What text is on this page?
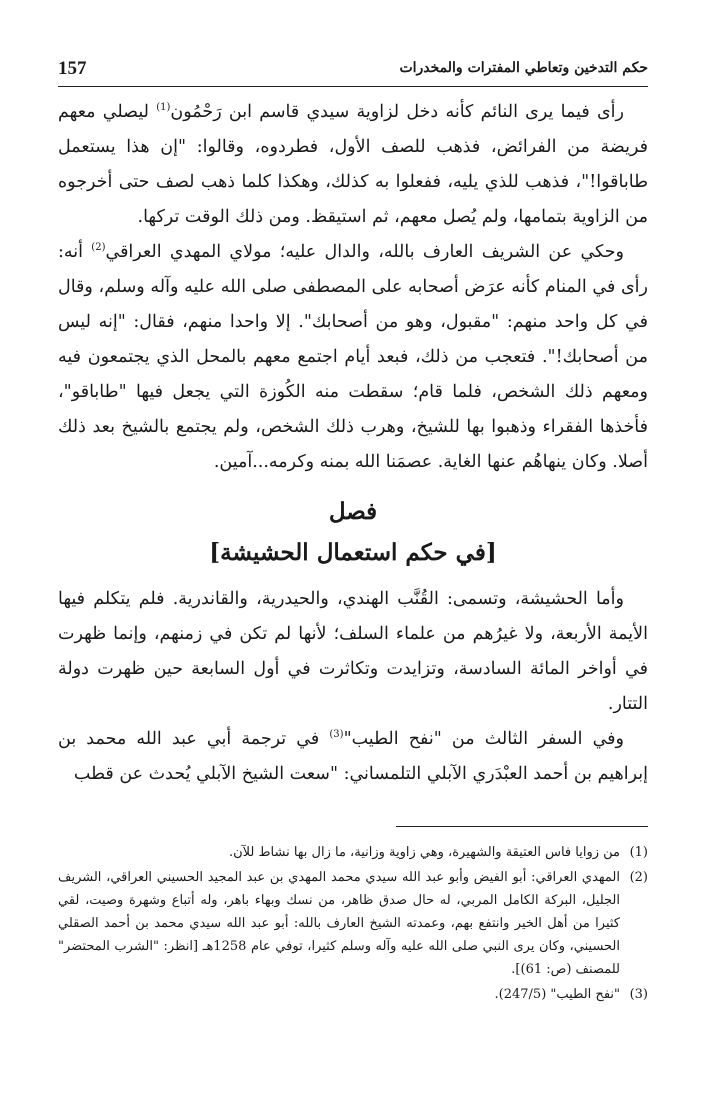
157	حكم التدخين وتعاطي المفترات والمخدرات

رأى فيما يرى النائم كأنه دخل لزاوية سيدي قاسم ابن رَحْمُون$^{(1)}$ ليصلي معهم فريضة من الفرائض، فذهب للصف الأول، فطردوه، وقالوا: "إن هذا يستعمل طاباقوا!"، فذهب للذي يليه، ففعلوا به كذلك، وهكذا كلما ذهب لصف حتى أخرجوه من الزاوية بتمامها، ولم يُصل معهم، ثم استيقظ. ومن ذلك الوقت تركها.

وحكي عن الشريف العارف بالله، والدال عليه؛ مولاي المهدي العراقي$^{(2)}$ أنه: رأى في المنام كأنه عرَض أصحابه على المصطفى صلى الله عليه وآله وسلم، وقال في كل واحد منهم: "مقبول، وهو من أصحابك". إلا واحدا منهم، فقال: "إنه ليس من أصحابك!". فتعجب من ذلك، فبعد أيام اجتمع معهم بالمحل الذي يجتمعون فيه ومعهم ذلك الشخص، فلما قام؛ سقطت منه الكُوزة التي يجعل فيها "طاباقو"، فأخذها الفقراء وذهبوا بها للشيخ، وهرب ذلك الشخص، ولم يجتمع بالشيخ بعد ذلك أصلا. وكان ينهاهُم عنها الغاية. عصمَنا الله بمنه وكرمه...آمين.

فصل
[في حكم استعمال الحشيشة]

وأما الحشيشة، وتسمى: القُنَّب الهندي، والحيدرية، والقاندرية. فلم يتكلم فيها الأيمة الأربعة، ولا غيرُهم من علماء السلف؛ لأنها لم تكن في زمنهم، وإنما ظهرت في أواخر المائة السادسة، وتزايدت وتكاثرت في أول السابعة حين ظهرت دولة التتار.

وفي السفر الثالث من "نفح الطيب"$^{(3)}$ في ترجمة أبي عبد الله محمد بن إبراهيم بن أحمد العبْدَري الآبلي التلمساني: "سعت الشيخ الآبلي يُحدث عن قطب

(1)
من زوايا فاس العتيقة والشهيرة، وهي زاوية وزانية، ما زال بها نشاط للآن.

(2)
المهدي العراقي: أبو الفيض وأبو عبد الله سيدي محمد المهدي بن عبد المجيد الحسيني العراقي، الشريف الجليل، البركة الكامل المربي، له حال صدق ظاهر، من نسك وبهاء باهر، وله أتباع وشهرة وصيت، لقي كثيرا من أهل الخير وانتفع بهم، وعمدته الشيخ العارف بالله: أبو عبد الله سيدي محمد بن أحمد الصقلي الحسيني، وكان يرى النبي صلى الله عليه وآله وسلم كثيرا، توفي عام 1258هـ [انظر: "الشرب المحتضر" للمصنف (ص: 61)].

(3)
"نفح الطيب" (247/5).
